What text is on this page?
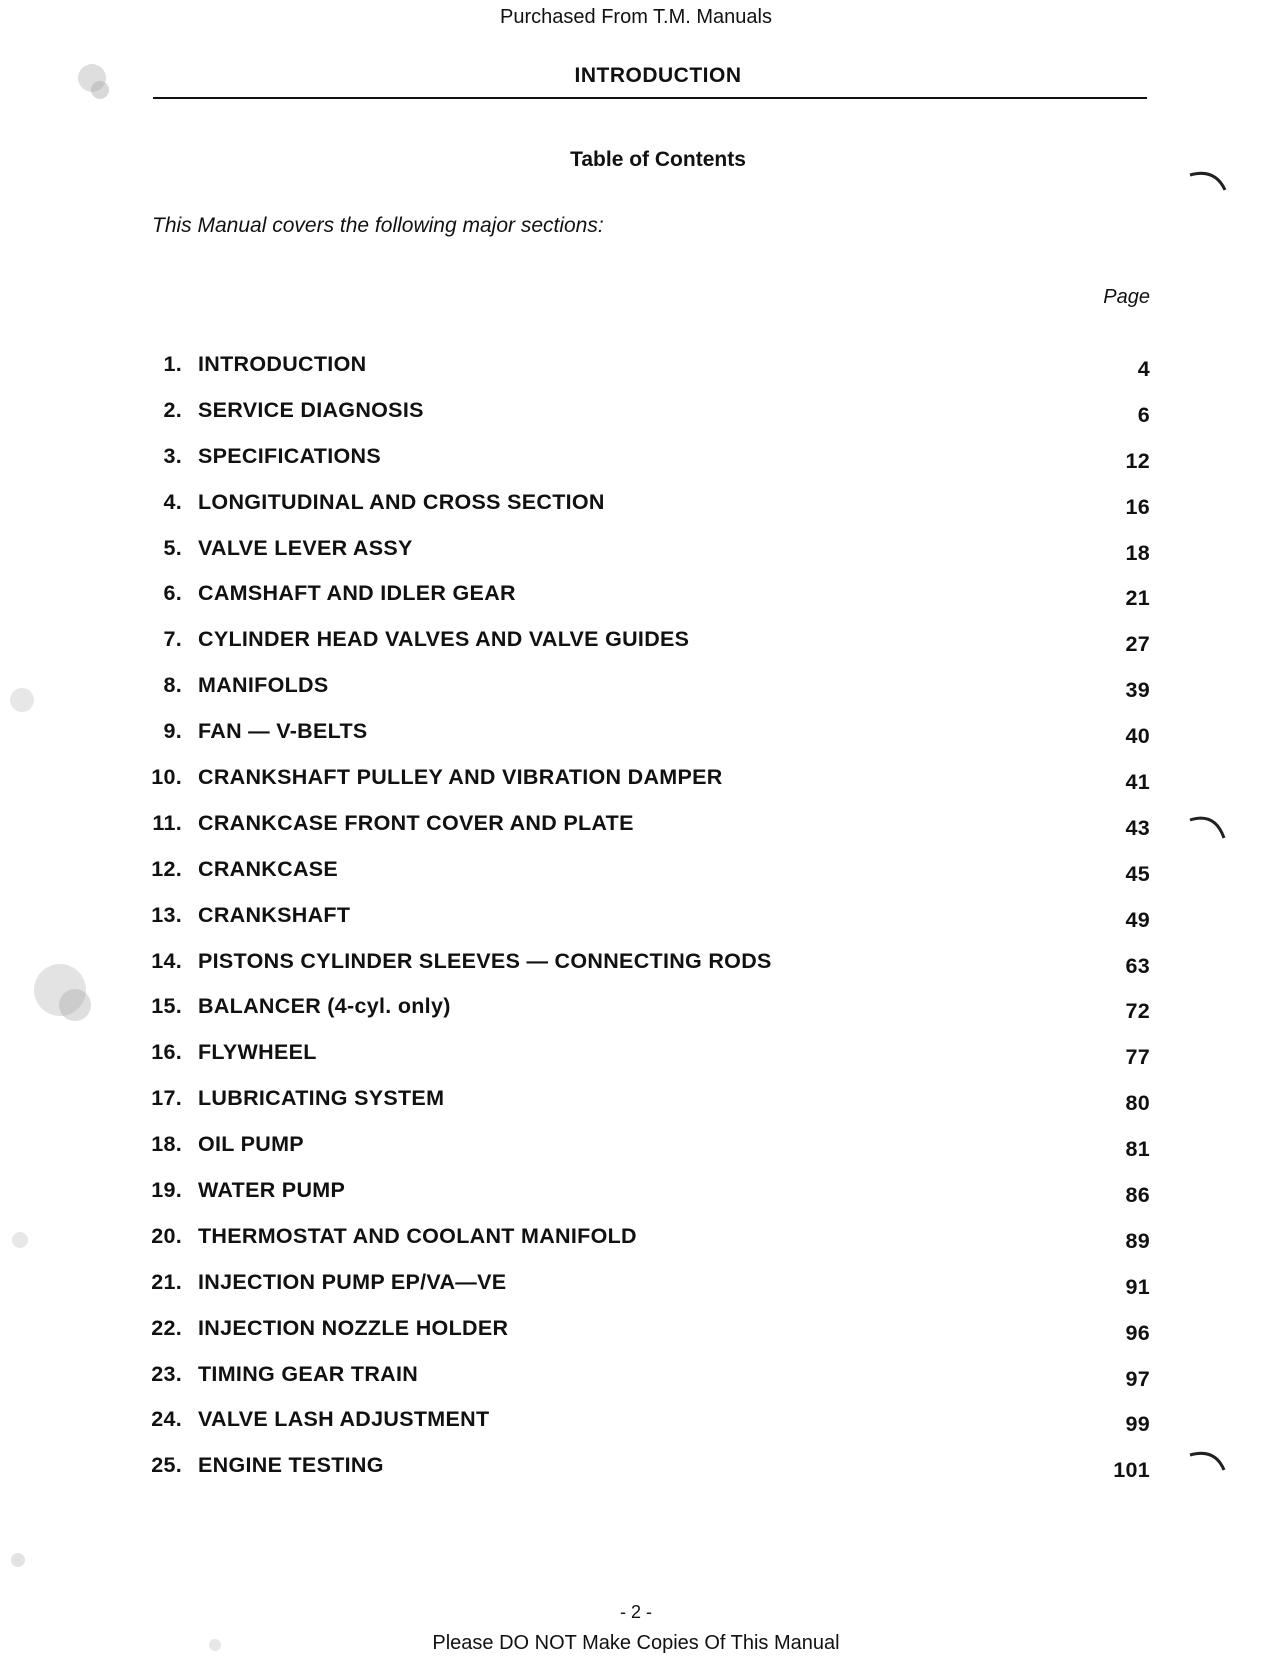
Purchased From T.M. Manuals
INTRODUCTION
Table of Contents
This Manual covers the following major sections:
Page
1. INTRODUCTION	4
2. SERVICE DIAGNOSIS	6
3. SPECIFICATIONS	12
4. LONGITUDINAL AND CROSS SECTION	16
5. VALVE LEVER ASSY	18
6. CAMSHAFT AND IDLER GEAR	21
7. CYLINDER HEAD VALVES AND VALVE GUIDES	27
8. MANIFOLDS	39
9. FAN — V-BELTS	40
10. CRANKSHAFT PULLEY AND VIBRATION DAMPER	41
11. CRANKCASE FRONT COVER AND PLATE	43
12. CRANKCASE	45
13. CRANKSHAFT	49
14. PISTONS CYLINDER SLEEVES — CONNECTING RODS	63
15. BALANCER (4-cyl. only)	72
16. FLYWHEEL	77
17. LUBRICATING SYSTEM	80
18. OIL PUMP	81
19. WATER PUMP	86
20. THERMOSTAT AND COOLANT MANIFOLD	89
21. INJECTION PUMP EP/VA—VE	91
22. INJECTION NOZZLE HOLDER	96
23. TIMING GEAR TRAIN	97
24. VALVE LASH ADJUSTMENT	99
25. ENGINE TESTING	101
- 2 -
Please DO NOT Make Copies Of This Manual
